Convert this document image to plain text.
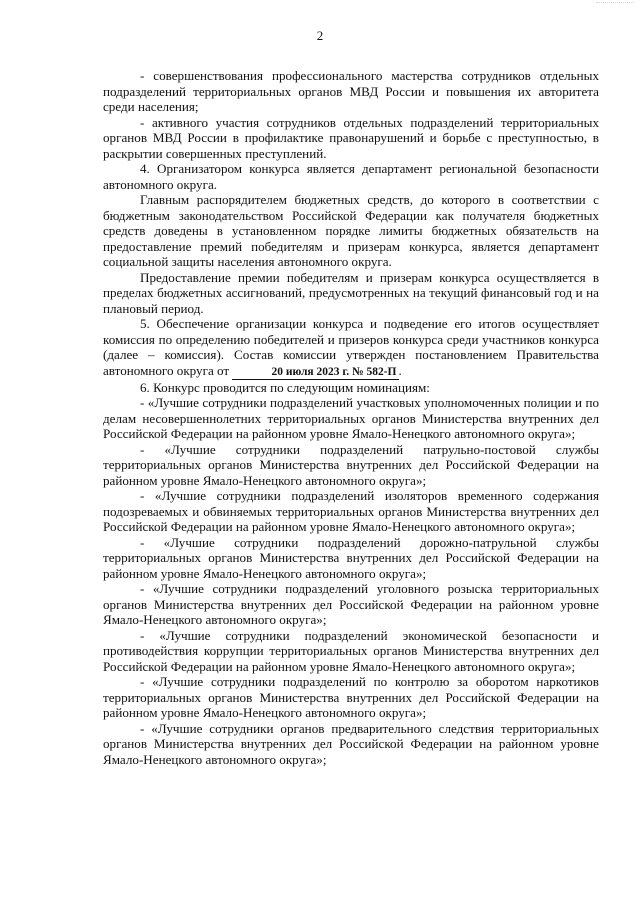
2

- совершенствования профессионального мастерства сотрудников отдельных подразделений территориальных органов МВД России и повышения их авторитета среди населения;

- активного участия сотрудников отдельных подразделений территориальных органов МВД России в профилактике правонарушений и борьбе с преступностью, в раскрытии совершенных преступлений.

4. Организатором конкурса является департамент региональной безопасности автономного округа.

Главным распорядителем бюджетных средств, до которого в соответствии с бюджетным законодательством Российской Федерации как получателя бюджетных средств доведены в установленном порядке лимиты бюджетных обязательств на предоставление премий победителям и призерам конкурса, является департамент социальной защиты населения автономного округа.

Предоставление премии победителям и призерам конкурса осуществляется в пределах бюджетных ассигнований, предусмотренных на текущий финансовый год и на плановый период.

5. Обеспечение организации конкурса и подведение его итогов осуществляет комиссия по определению победителей и призеров конкурса среди участников конкурса (далее – комиссия). Состав комиссии утвержден постановлением Правительства автономного округа от	20 июля 2023 г. № 582-П .

6. Конкурс проводится по следующим номинациям:

- «Лучшие сотрудники подразделений участковых уполномоченных полиции и по делам несовершеннолетних территориальных органов Министерства внутренних дел Российской Федерации на районном уровне Ямало-Ненецкого автономного округа»;

- «Лучшие сотрудники подразделений патрульно-постовой службы территориальных органов Министерства внутренних дел Российской Федерации на районном уровне Ямало-Ненецкого автономного округа»;

- «Лучшие сотрудники подразделений изоляторов временного содержания подозреваемых и обвиняемых территориальных органов Министерства внутренних дел Российской Федерации на районном уровне Ямало-Ненецкого автономного округа»;

- «Лучшие сотрудники подразделений дорожно-патрульной службы территориальных органов Министерства внутренних дел Российской Федерации на районном уровне Ямало-Ненецкого автономного округа»;

- «Лучшие сотрудники подразделений уголовного розыска территориальных органов Министерства внутренних дел Российской Федерации на районном уровне Ямало-Ненецкого автономного округа»;

- «Лучшие сотрудники подразделений экономической безопасности и противодействия коррупции территориальных органов Министерства внутренних дел Российской Федерации на районном уровне Ямало-Ненецкого автономного округа»;

- «Лучшие сотрудники подразделений по контролю за оборотом наркотиков территориальных органов Министерства внутренних дел Российской Федерации на районном уровне Ямало-Ненецкого автономного округа»;

- «Лучшие сотрудники органов предварительного следствия территориальных органов Министерства внутренних дел Российской Федерации на районном уровне Ямало-Ненецкого автономного округа»;
